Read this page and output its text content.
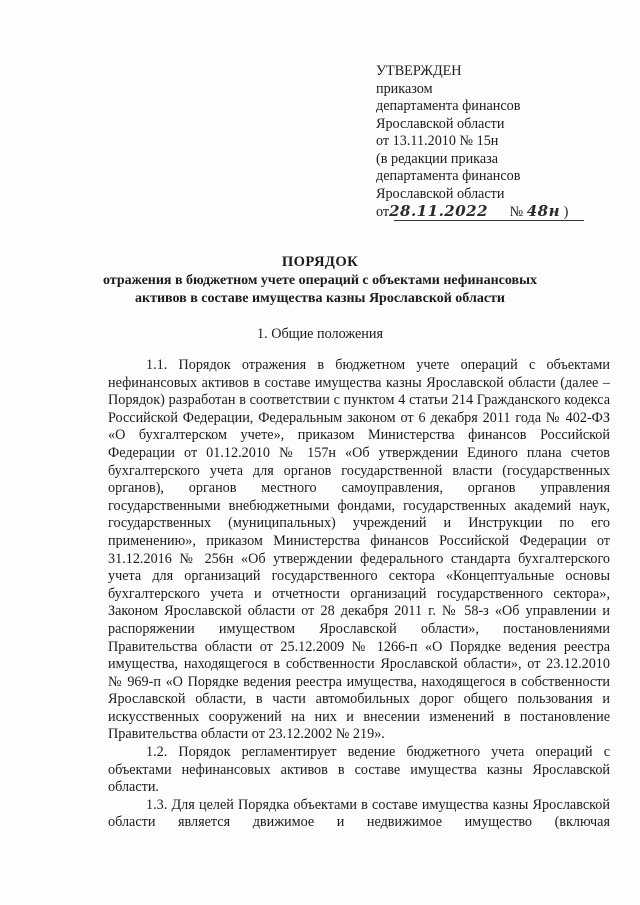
УТВЕРЖДЕН
приказом
департамента финансов
Ярославской области
от 13.11.2010 № 15н
(в редакции приказа
департамента финансов
Ярославской области
от28.11.2022 № 48н )
ПОРЯДОК
отражения в бюджетном учете операций с объектами нефинансовых
активов в составе имущества казны Ярославской области
1. Общие положения

1.1. Порядок отражения в бюджетном учете операций с объектами нефинансовых активов в составе имущества казны Ярославской области (далее – Порядок) разработан в соответствии с пунктом 4 статьи 214 Гражданского кодекса Российской Федерации, Федеральным законом от 6 декабря 2011 года № 402-ФЗ «О бухгалтерском учете», приказом Министерства финансов Российской Федерации от 01.12.2010 № 157н «Об утверждении Единого плана счетов бухгалтерского учета для органов государственной власти (государственных органов), органов местного самоуправления, органов управления государственными внебюджетными фондами, государственных академий наук, государственных (муниципальных) учреждений и Инструкции по его применению», приказом Министерства финансов Российской Федерации от 31.12.2016 № 256н «Об утверждении федерального стандарта бухгалтерского учета для организаций государственного сектора «Концептуальные основы бухгалтерского учета и отчетности организаций государственного сектора», Законом Ярославской области от 28 декабря 2011 г. № 58-з «Об управлении и распоряжении имуществом Ярославской области», постановлениями Правительства области от 25.12.2009 № 1266-п «О Порядке ведения реестра имущества, находящегося в собственности Ярославской области», от 23.12.2010 № 969-п «О Порядке ведения реестра имущества, находящегося в собственности Ярославской области, в части автомобильных дорог общего пользования и искусственных сооружений на них и внесении изменений в постановление Правительства области от 23.12.2002 № 219».

1.2. Порядок регламентирует ведение бюджетного учета операций с объектами нефинансовых активов в составе имущества казны Ярославской области.

1.3. Для целей Порядка объектами в составе имущества казны Ярославской области является движимое и недвижимое имущество (включая
